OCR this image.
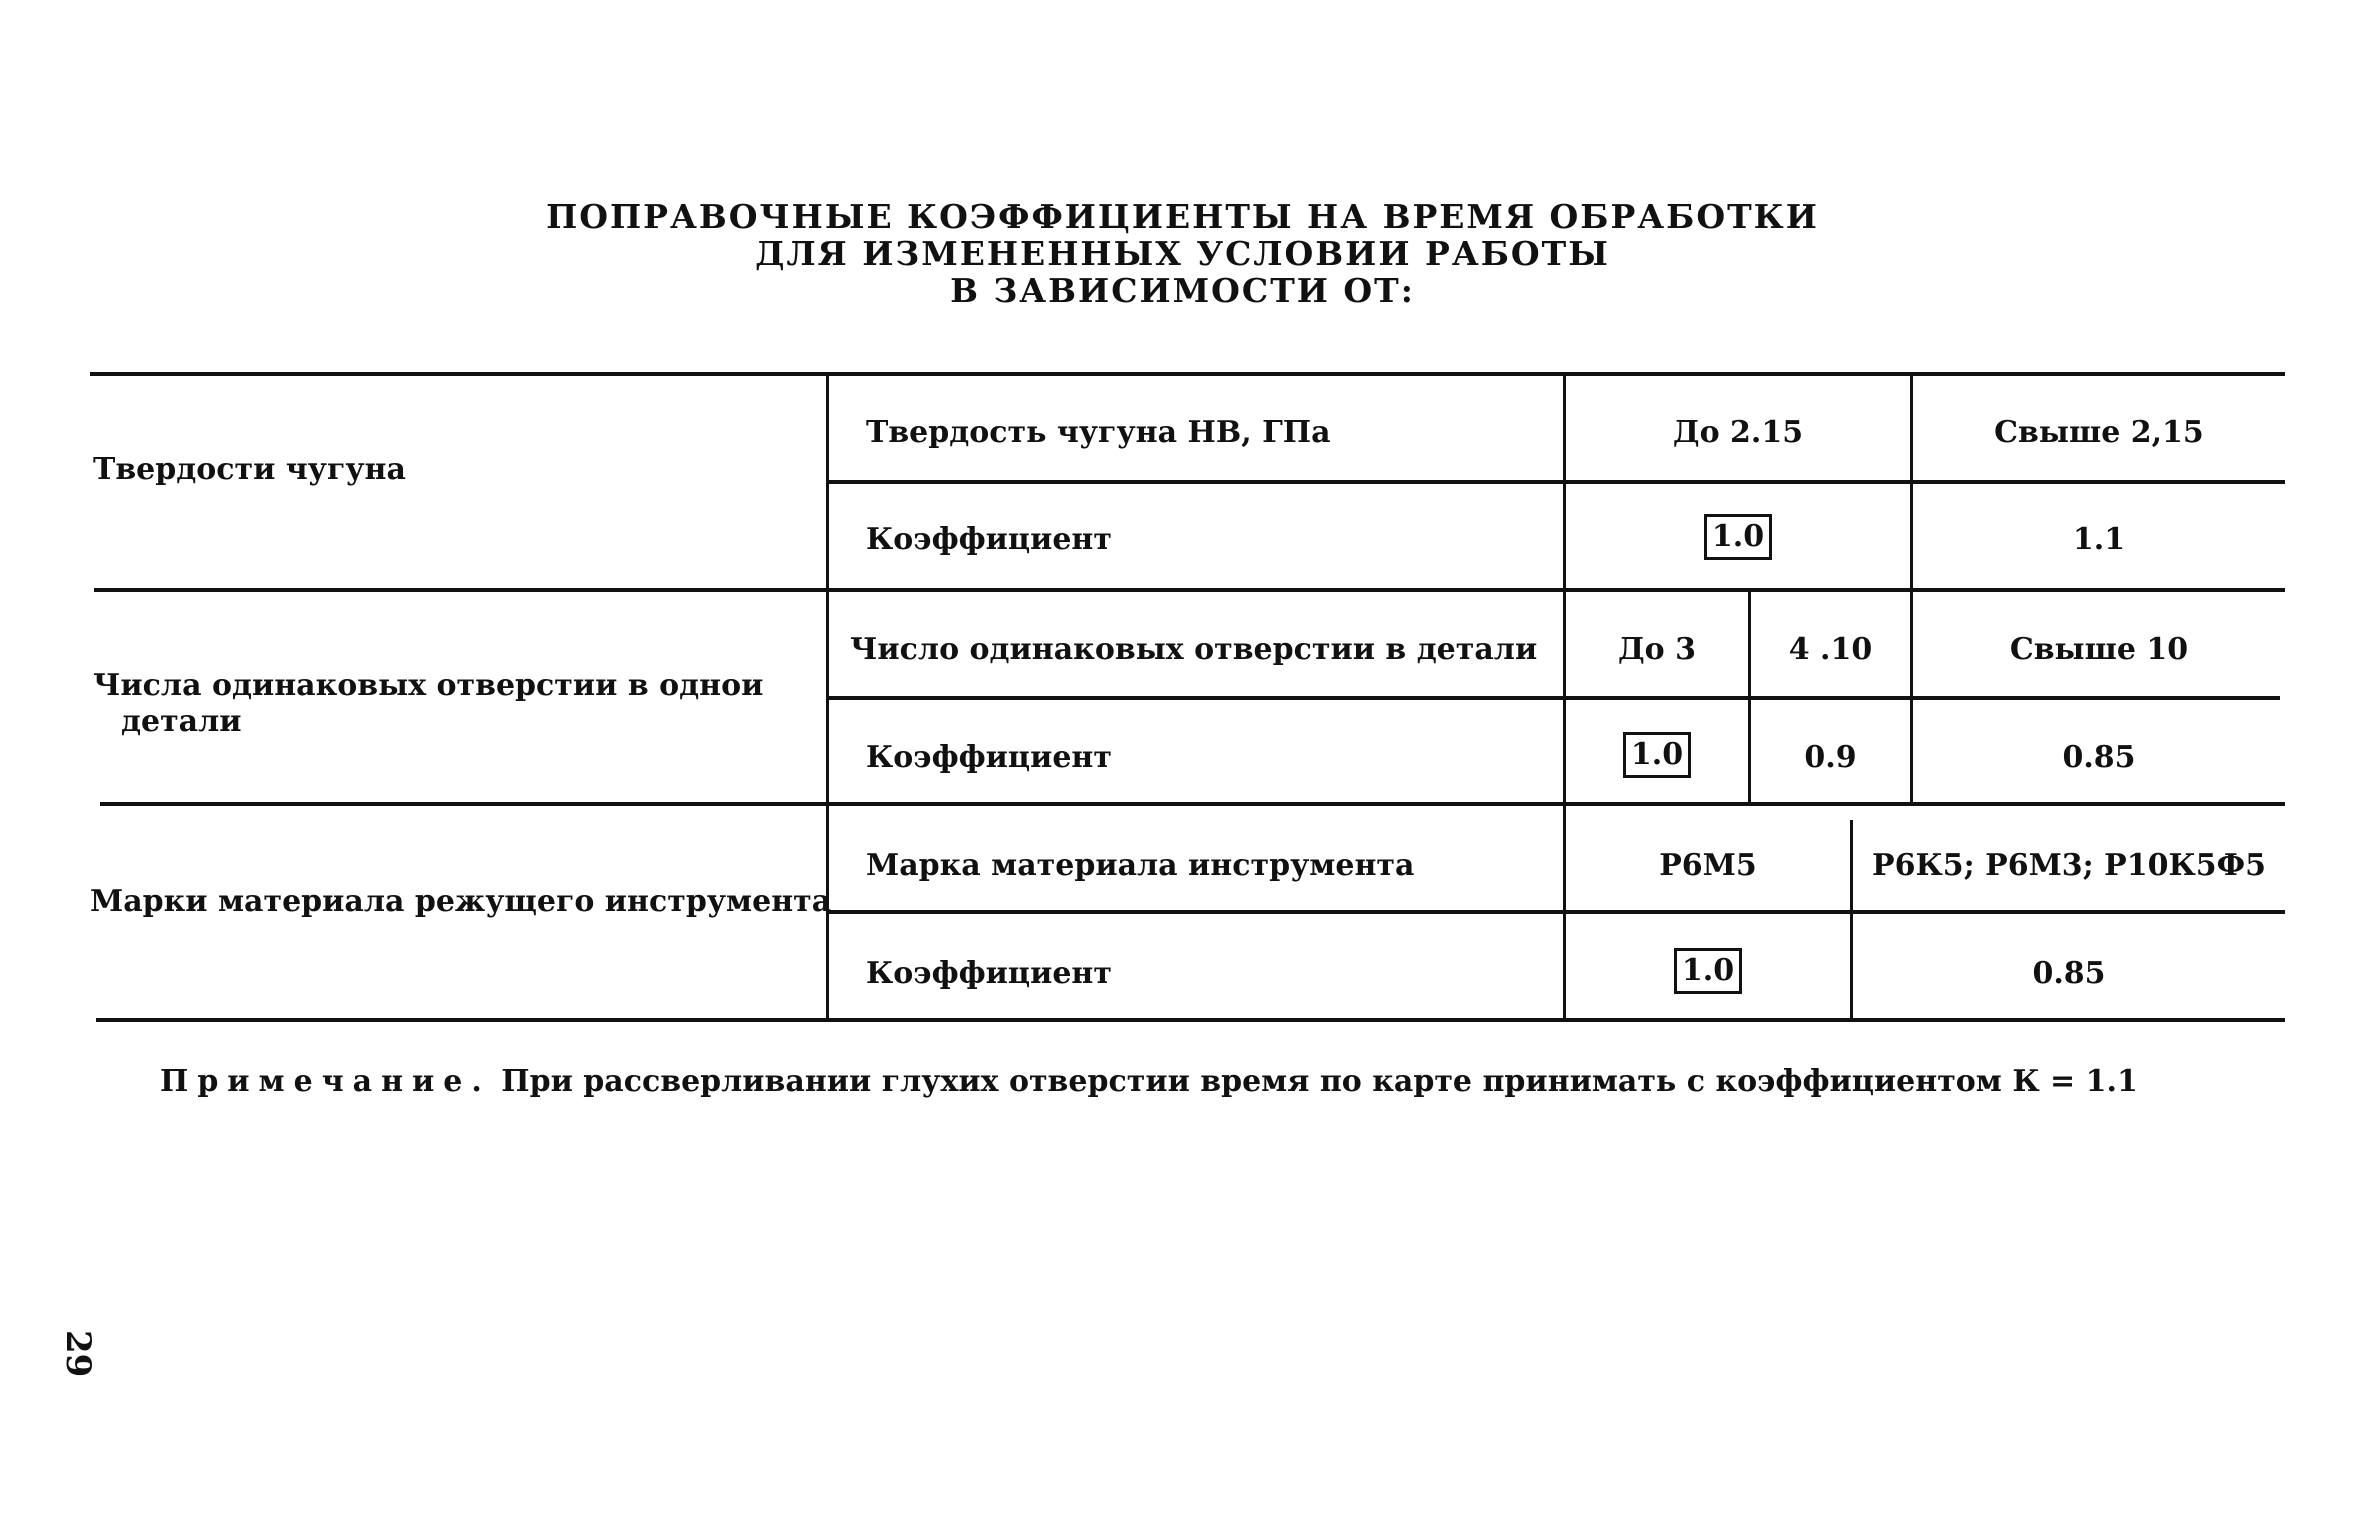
ПОПРАВОЧНЫЕ КОЭФФИЦИЕНТЫ НА ВРЕМЯ ОБРАБОТКИ
ДЛЯ ИЗМЕНЕННЫХ УСЛОВИИ РАБОТЫ
В ЗАВИСИМОСТИ ОТ:
Твердости чугуна
Твердость чугуна НВ, ГПа	До 2.15	Свыше 2,15
Коэффициент	1.0	1.1
Числа одинаковых отверстии в однои
детали
Число одинаковых отверстии в детали	До 3	4 .10	Свыше 10
Коэффициент	1.0	0.9	0.85
Марки материала режущего инструмента
Марка материала инструмента	Р6М5	Р6К5; Р6М3; Р10К5Ф5
Коэффициент	1.0	0.85
Примечание. При рассверливании глухих отверстии время по карте принимать с коэффициентом К = 1.1
29
